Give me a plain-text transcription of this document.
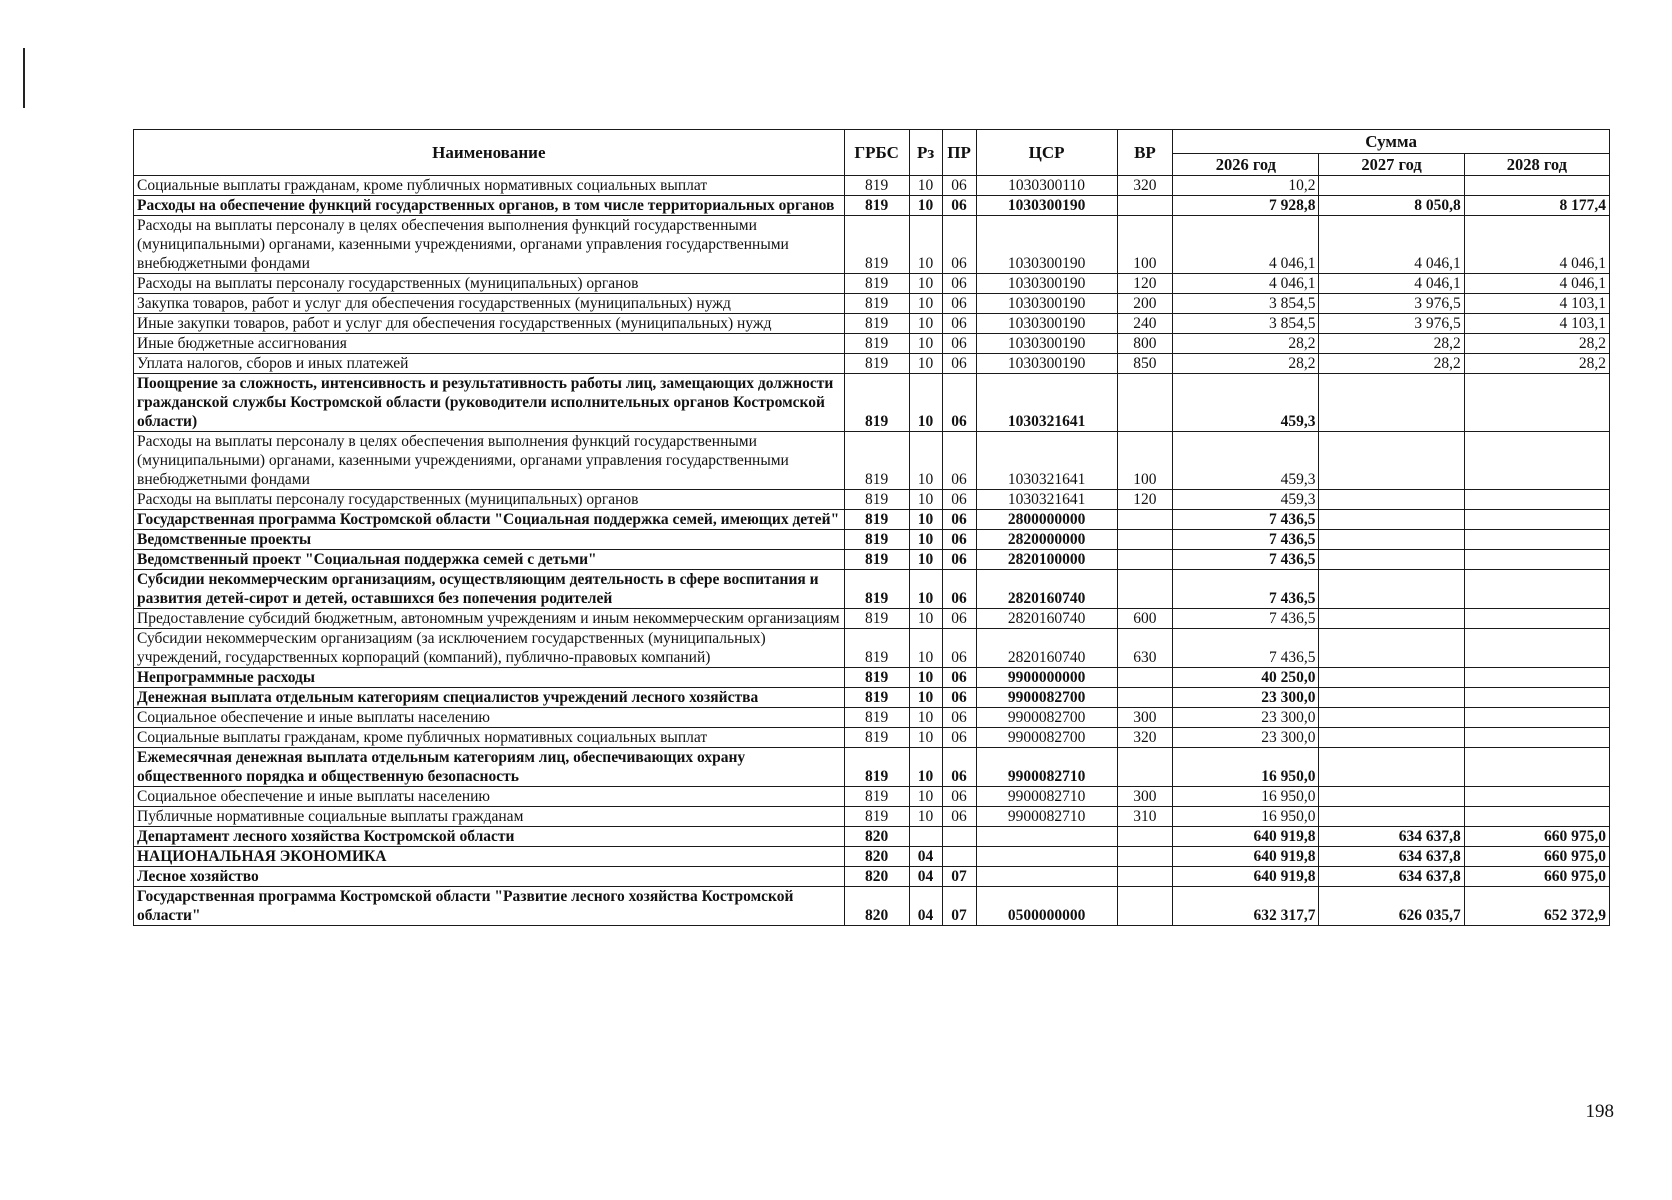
Наименование	ГРБС	Рз	ПР	ЦСР	ВР	Сумма		
						2026 год	2027 год	2028 год
Социальные выплаты гражданам, кроме публичных нормативных социальных выплат	819	10	06	1030300110	320	10,2		
Расходы на обеспечение функций государственных органов, в том числе территориальных органов	819	10	06	1030300190		7 928,8	8 050,8	8 177,4
Расходы на выплаты персоналу в целях обеспечения выполнения функций государственными (муниципальными) органами, казенными учреждениями, органами управления государственными внебюджетными фондами	819	10	06	1030300190	100	4 046,1	4 046,1	4 046,1
Расходы на выплаты персоналу государственных (муниципальных) органов	819	10	06	1030300190	120	4 046,1	4 046,1	4 046,1
Закупка товаров, работ и услуг для обеспечения государственных (муниципальных) нужд	819	10	06	1030300190	200	3 854,5	3 976,5	4 103,1
Иные закупки товаров, работ и услуг для обеспечения государственных (муниципальных) нужд	819	10	06	1030300190	240	3 854,5	3 976,5	4 103,1
Иные бюджетные ассигнования	819	10	06	1030300190	800	28,2	28,2	28,2
Уплата налогов, сборов и иных платежей	819	10	06	1030300190	850	28,2	28,2	28,2
Поощрение за сложность, интенсивность и результативность работы лиц, замещающих должности гражданской службы Костромской области (руководители исполнительных органов Костромской области)	819	10	06	1030321641		459,3		
Расходы на выплаты персоналу в целях обеспечения выполнения функций государственными (муниципальными) органами, казенными учреждениями, органами управления государственными внебюджетными фондами	819	10	06	1030321641	100	459,3		
Расходы на выплаты персоналу государственных (муниципальных) органов	819	10	06	1030321641	120	459,3		
Государственная программа Костромской области "Социальная поддержка семей, имеющих детей"	819	10	06	2800000000		7 436,5		
Ведомственные проекты	819	10	06	2820000000		7 436,5		
Ведомственный проект "Социальная поддержка семей с детьми"	819	10	06	2820100000		7 436,5		
Субсидии некоммерческим организациям, осуществляющим деятельность в сфере воспитания и развития детей-сирот и детей, оставшихся без попечения родителей	819	10	06	2820160740		7 436,5		
Предоставление субсидий бюджетным, автономным учреждениям и иным некоммерческим организациям	819	10	06	2820160740	600	7 436,5		
Субсидии некоммерческим организациям (за исключением государственных (муниципальных) учреждений, государственных корпораций (компаний), публично-правовых компаний)	819	10	06	2820160740	630	7 436,5		
Непрограммные расходы	819	10	06	9900000000		40 250,0		
Денежная выплата отдельным категориям специалистов учреждений лесного хозяйства	819	10	06	9900082700		23 300,0		
Социальное обеспечение и иные выплаты населению	819	10	06	9900082700	300	23 300,0		
Социальные выплаты гражданам, кроме публичных нормативных социальных выплат	819	10	06	9900082700	320	23 300,0		
Ежемесячная денежная выплата отдельным категориям лиц, обеспечивающих охрану общественного порядка и общественную безопасность	819	10	06	9900082710		16 950,0		
Социальное обеспечение и иные выплаты населению	819	10	06	9900082710	300	16 950,0		
Публичные нормативные социальные выплаты гражданам	819	10	06	9900082710	310	16 950,0		
Департамент лесного хозяйства Костромской области	820					640 919,8	634 637,8	660 975,0
НАЦИОНАЛЬНАЯ ЭКОНОМИКА	820	04				640 919,8	634 637,8	660 975,0
Лесное хозяйство	820	04	07			640 919,8	634 637,8	660 975,0
Государственная программа Костромской области "Развитие лесного хозяйства Костромской области"	820	04	07	0500000000		632 317,7	626 035,7	652 372,9
198
